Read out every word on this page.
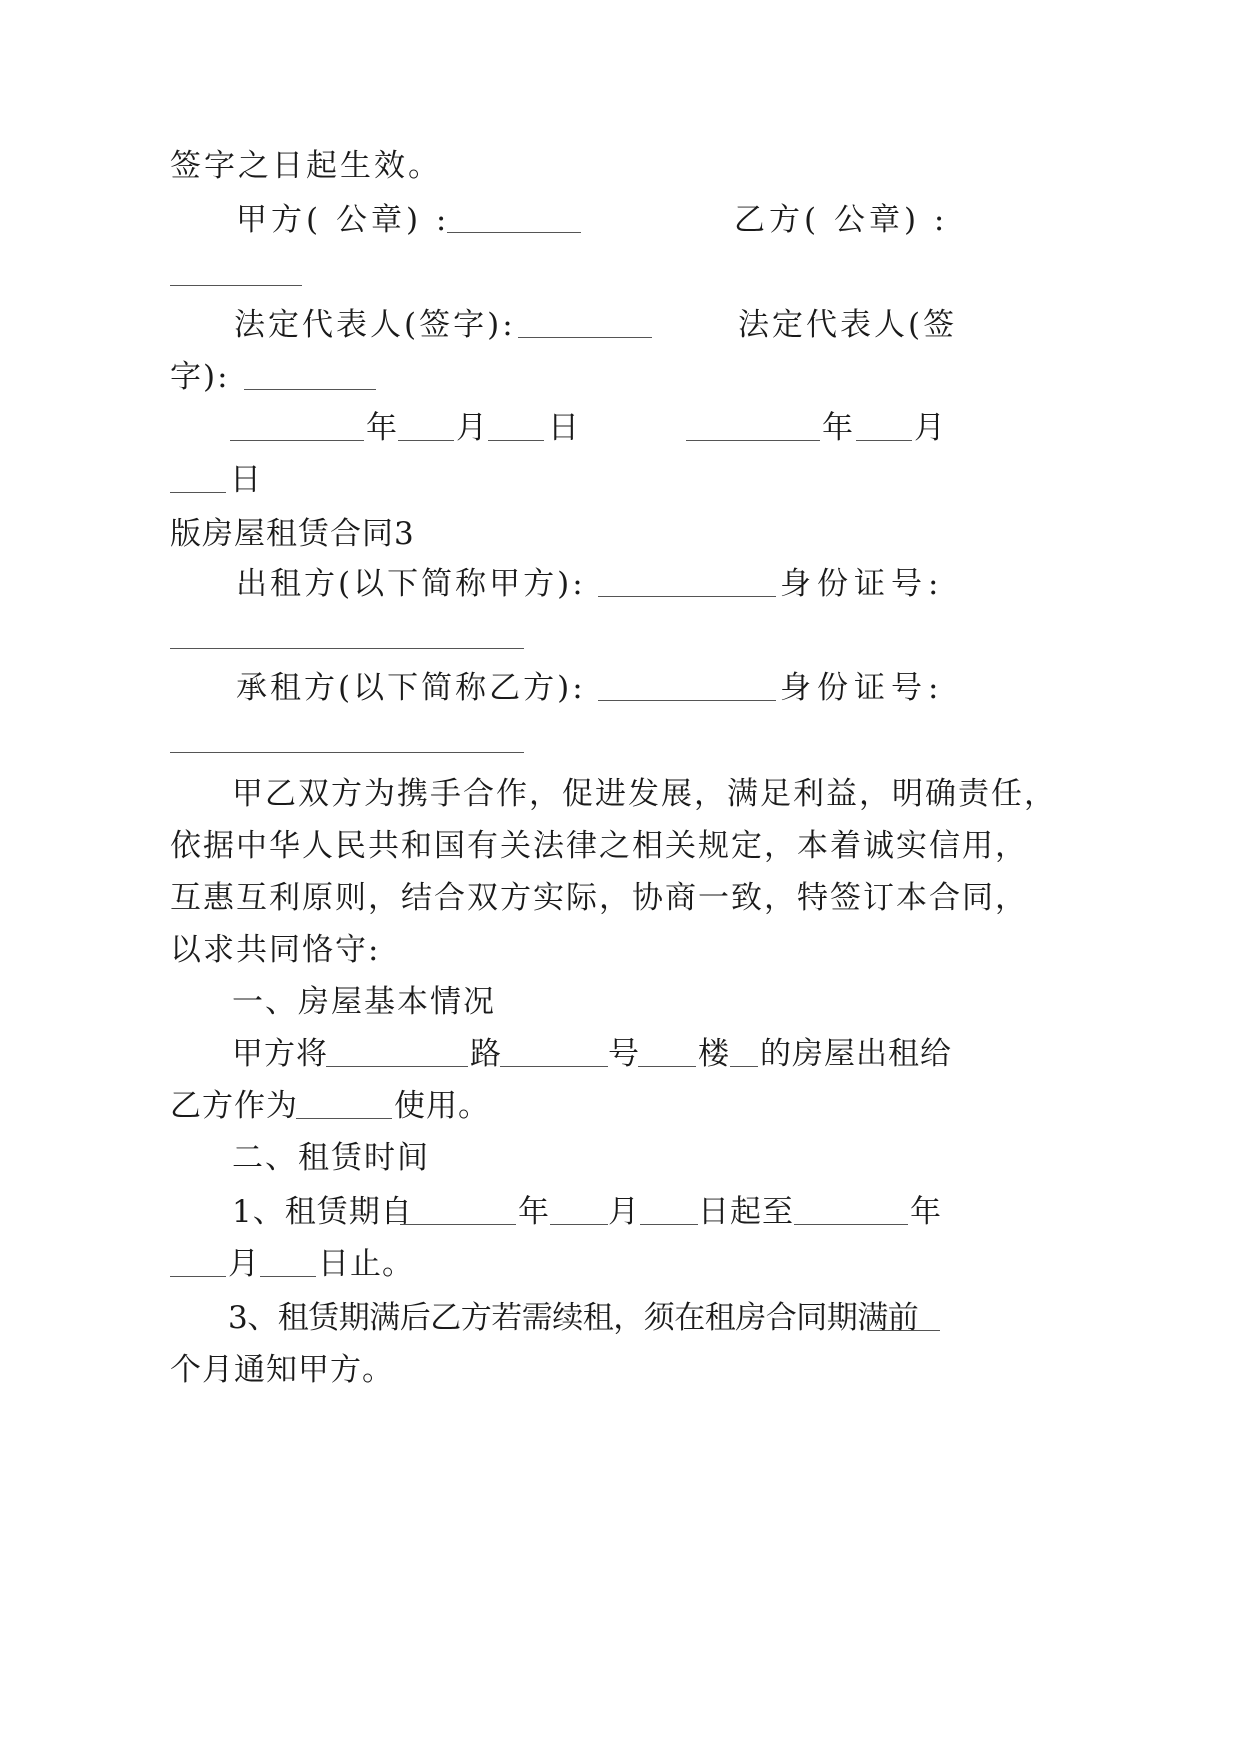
签字之日起生效。

甲方( 公章) :	乙方( 公章) :

法定代表人(签字):	法定代表人(签

字):

年 月 日	年 月

日

版房屋租赁合同3

出租方(以下简称甲方):	身份证号:

承租方(以下简称乙方):	身份证号:

甲乙双方为携手合作，促进发展，满足利益，明确责任，

依据中华人民共和国有关法律之相关规定，本着诚实信用，

互惠互利原则，结合双方实际，协商一致，特签订本合同，

以求共同恪守:

一、房屋基本情况

甲方将	路	号 楼 的房屋出租给

乙方作为	使用。

二、租赁时间

1、租赁期自	年 月 日起至	年

月 日止。

3、租赁期满后乙方若需续租，须在租房合同期满前

个月通知甲方。
